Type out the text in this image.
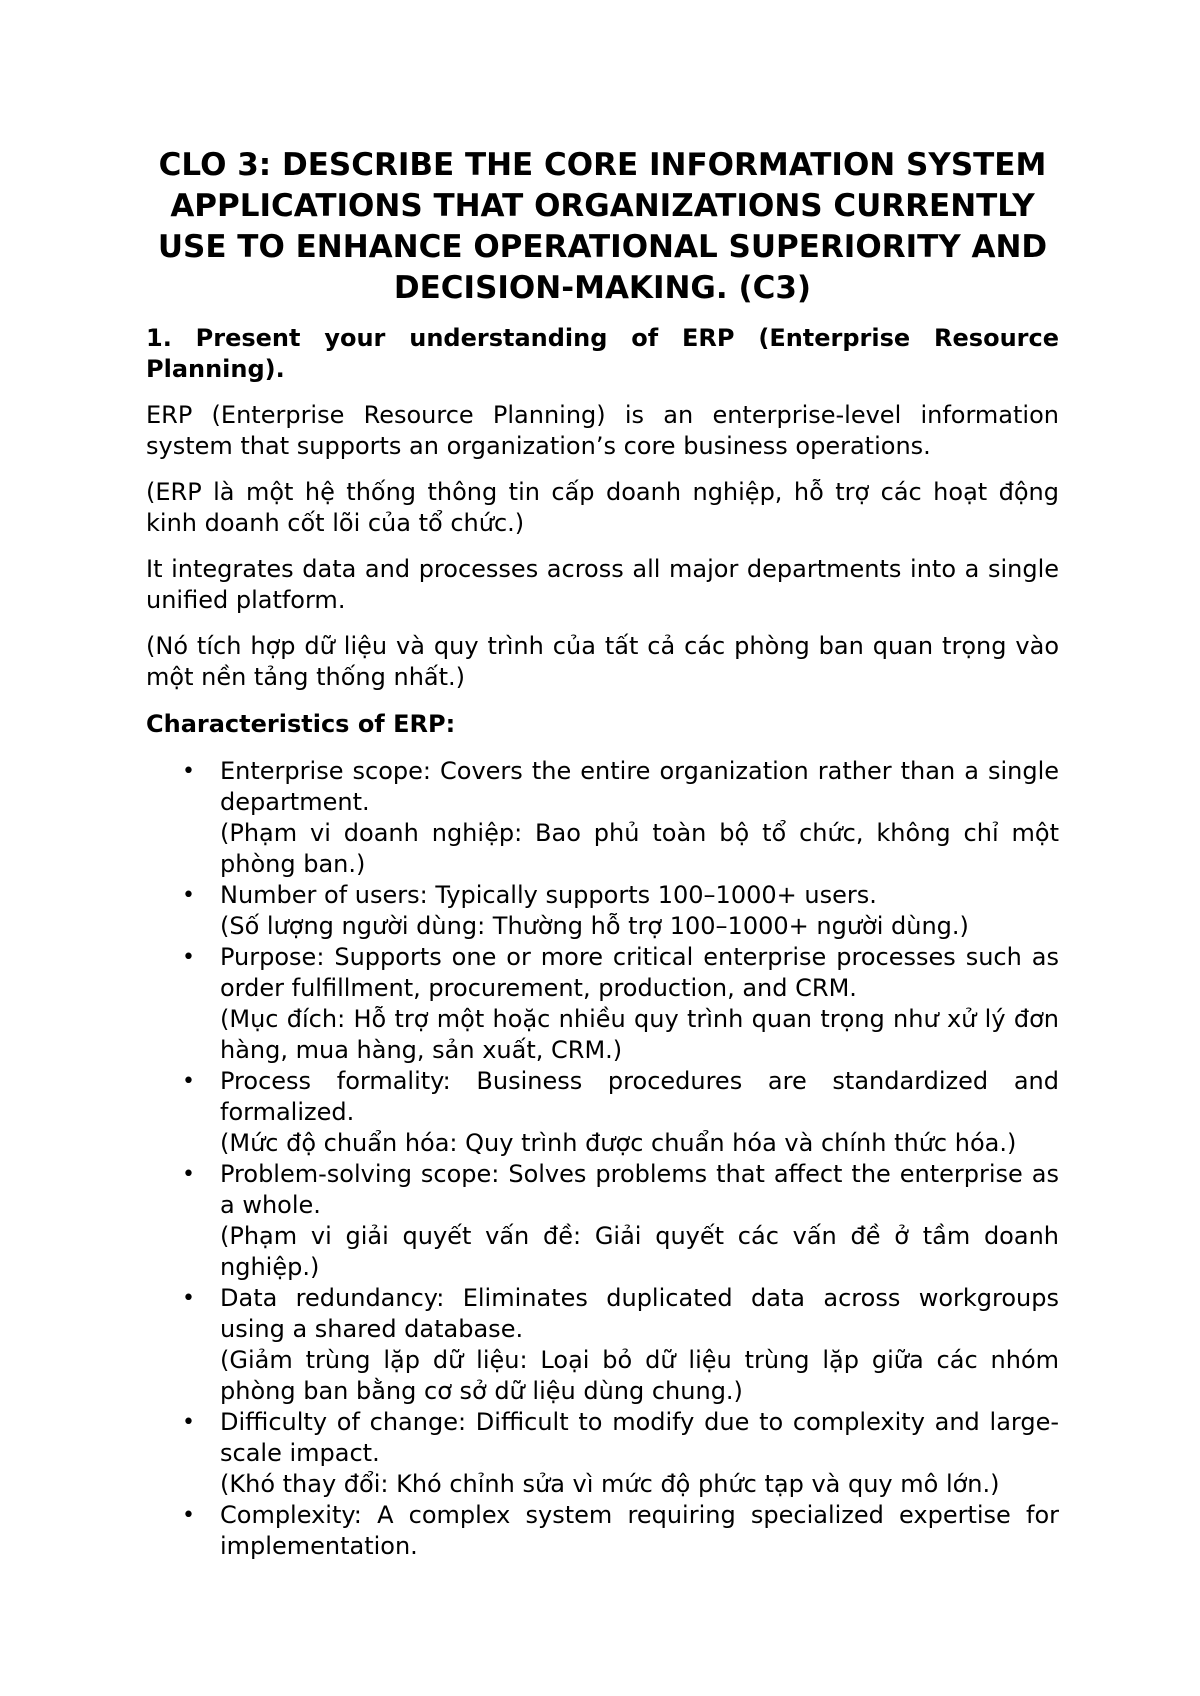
CLO 3: DESCRIBE THE CORE INFORMATION SYSTEM APPLICATIONS THAT ORGANIZATIONS CURRENTLY USE TO ENHANCE OPERATIONAL SUPERIORITY AND DECISION-MAKING. (C3)
1. Present your understanding of ERP (Enterprise Resource Planning).

ERP (Enterprise Resource Planning) is an enterprise-level information system that supports an organization’s core business operations.

(ERP là một hệ thống thông tin cấp doanh nghiệp, hỗ trợ các hoạt động kinh doanh cốt lõi của tổ chức.)

It integrates data and processes across all major departments into a single unified platform.

(Nó tích hợp dữ liệu và quy trình của tất cả các phòng ban quan trọng vào một nền tảng thống nhất.)

Characteristics of ERP:
• Enterprise scope: Covers the entire organization rather than a single department.
(Phạm vi doanh nghiệp: Bao phủ toàn bộ tổ chức, không chỉ một phòng ban.)
• Number of users: Typically supports 100–1000+ users.
(Số lượng người dùng: Thường hỗ trợ 100–1000+ người dùng.)
• Purpose: Supports one or more critical enterprise processes such as order fulfillment, procurement, production, and CRM.
(Mục đích: Hỗ trợ một hoặc nhiều quy trình quan trọng như xử lý đơn hàng, mua hàng, sản xuất, CRM.)
• Process formality: Business procedures are standardized and formalized.
(Mức độ chuẩn hóa: Quy trình được chuẩn hóa và chính thức hóa.)
• Problem-solving scope: Solves problems that affect the enterprise as a whole.
(Phạm vi giải quyết vấn đề: Giải quyết các vấn đề ở tầm doanh nghiệp.)
• Data redundancy: Eliminates duplicated data across workgroups using a shared database.
(Giảm trùng lặp dữ liệu: Loại bỏ dữ liệu trùng lặp giữa các nhóm phòng ban bằng cơ sở dữ liệu dùng chung.)
• Difficulty of change: Difficult to modify due to complexity and large-scale impact.
(Khó thay đổi: Khó chỉnh sửa vì mức độ phức tạp và quy mô lớn.)
• Complexity: A complex system requiring specialized expertise for implementation.
